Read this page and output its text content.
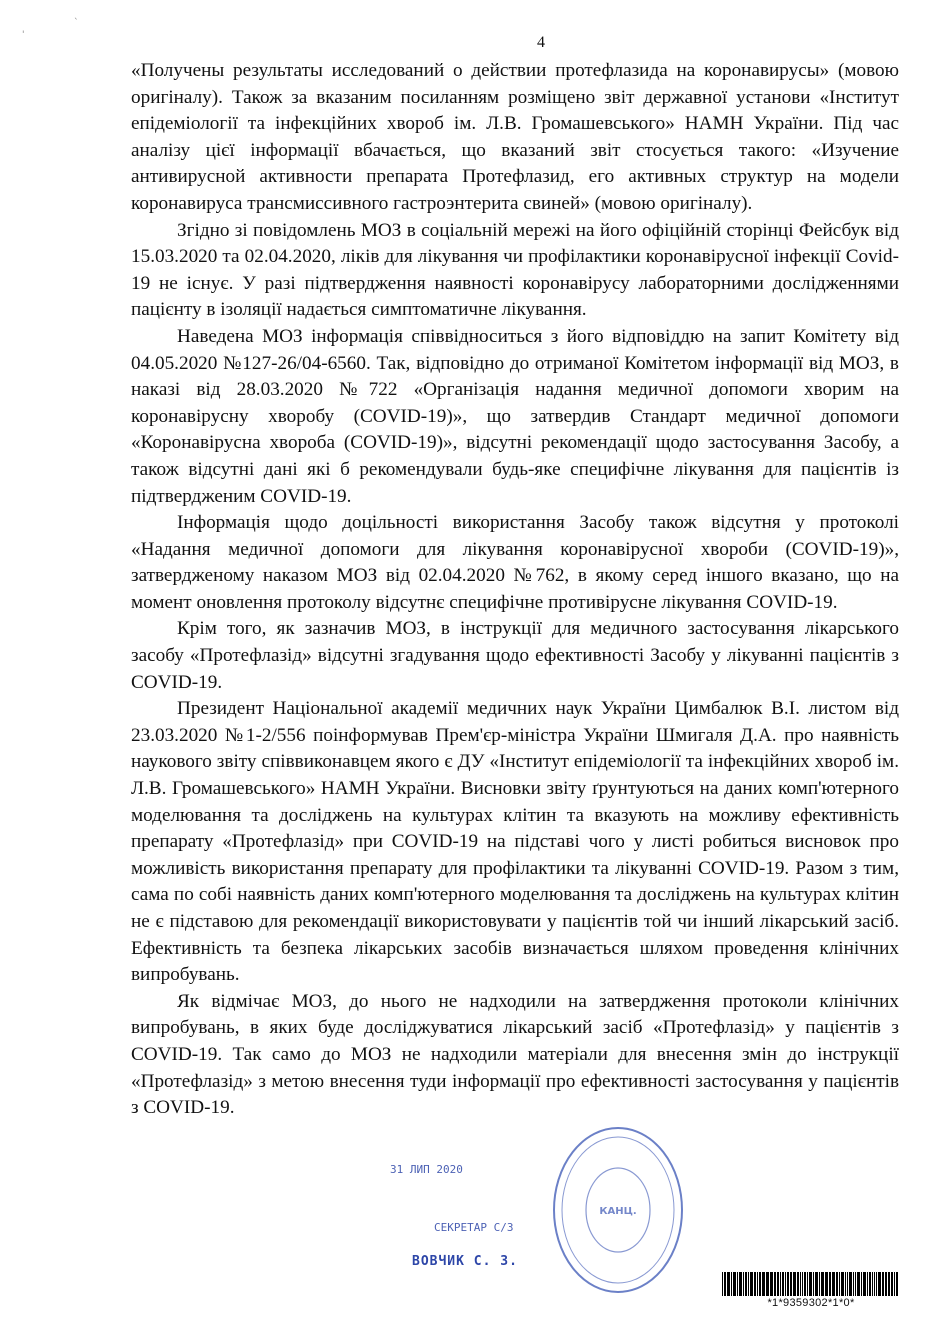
'
`
4

«Получены результаты исследований о действии протефлазида на коронавирусы» (мовою оригіналу). Також за вказаним посиланням розміщено звіт державної установи «Інститут епідеміології та інфекційних хвороб ім. Л.В. Громашевського» НАМН України. Під час аналізу цієї інформації вбачається, що вказаний звіт стосується такого: «Изучение антивирусной активности препарата Протефлазид, его активных структур на модели коронавируса трансмиссивного гастроэнтерита свиней» (мовою оригіналу).

Згідно зі повідомлень МОЗ в соціальній мережі на його офіційній сторінці Фейсбук від 15.03.2020 та 02.04.2020, ліків для лікування чи профілактики коронавірусної інфекції Covid-19 не існує. У разі підтвердження наявності коронавірусу лабораторними дослідженнями пацієнту в ізоляції надається симптоматичне лікування.

Наведена МОЗ інформація співвідноситься з його відповіддю на запит Комітету від 04.05.2020 №127-26/04-6560. Так, відповідно до отриманої Комітетом інформації від МОЗ, в наказі від 28.03.2020 №722 «Організація надання медичної допомоги хворим на коронавірусну хворобу (COVID-19)», що затвердив Стандарт медичної допомоги «Коронавірусна хвороба (COVID-19)», відсутні рекомендації щодо застосування Засобу, а також відсутні дані які б рекомендували будь-яке специфічне лікування для пацієнтів із підтвердженим COVID-19.

Інформація щодо доцільності використання Засобу також відсутня у протоколі «Надання медичної допомоги для лікування коронавірусної хвороби (COVID-19)», затвердженому наказом МОЗ від 02.04.2020 №762, в якому серед іншого вказано, що на момент оновлення протоколу відсутнє специфічне противірусне лікування COVID-19.

Крім того, як зазначив МОЗ, в інструкції для медичного застосування лікарського засобу «Протефлазід» відсутні згадування щодо ефективності Засобу у лікуванні пацієнтів з COVID-19.

Президент Національної академії медичних наук України Цимбалюк В.І. листом від 23.03.2020 №1-2/556 поінформував Прем'єр-міністра України Шмигаля Д.А. про наявність наукового звіту співвиконавцем якого є ДУ «Інститут епідеміології та інфекційних хвороб ім. Л.В. Громашевського» НАМН України. Висновки звіту ґрунтуються на даних комп'ютерного моделювання та досліджень на культурах клітин та вказують на можливу ефективність препарату «Протефлазід» при COVID-19 на підставі чого у листі робиться висновок про можливість використання препарату для профілактики та лікуванні COVID-19. Разом з тим, сама по собі наявність даних комп'ютерного моделювання та досліджень на культурах клітин не є підставою для рекомендації використовувати у пацієнтів той чи інший лікарський засіб. Ефективність та безпека лікарських засобів визначається шляхом проведення клінічних випробувань.

Як відмічає МОЗ, до нього не надходили на затвердження протоколи клінічних випробувань, в яких буде досліджуватися лікарський засіб «Протефлазід» у пацієнтів з COVID-19. Так само до МОЗ не надходили матеріали для внесення змін до інструкції «Протефлазід» з метою внесення туди інформації про ефективності застосування у пацієнтів з COVID-19.

КАНЦ.
31 ЛИП 2020
СЕКРЕТАР С/З
ВОВЧИК С. З.
*1*9359302*1*0*
